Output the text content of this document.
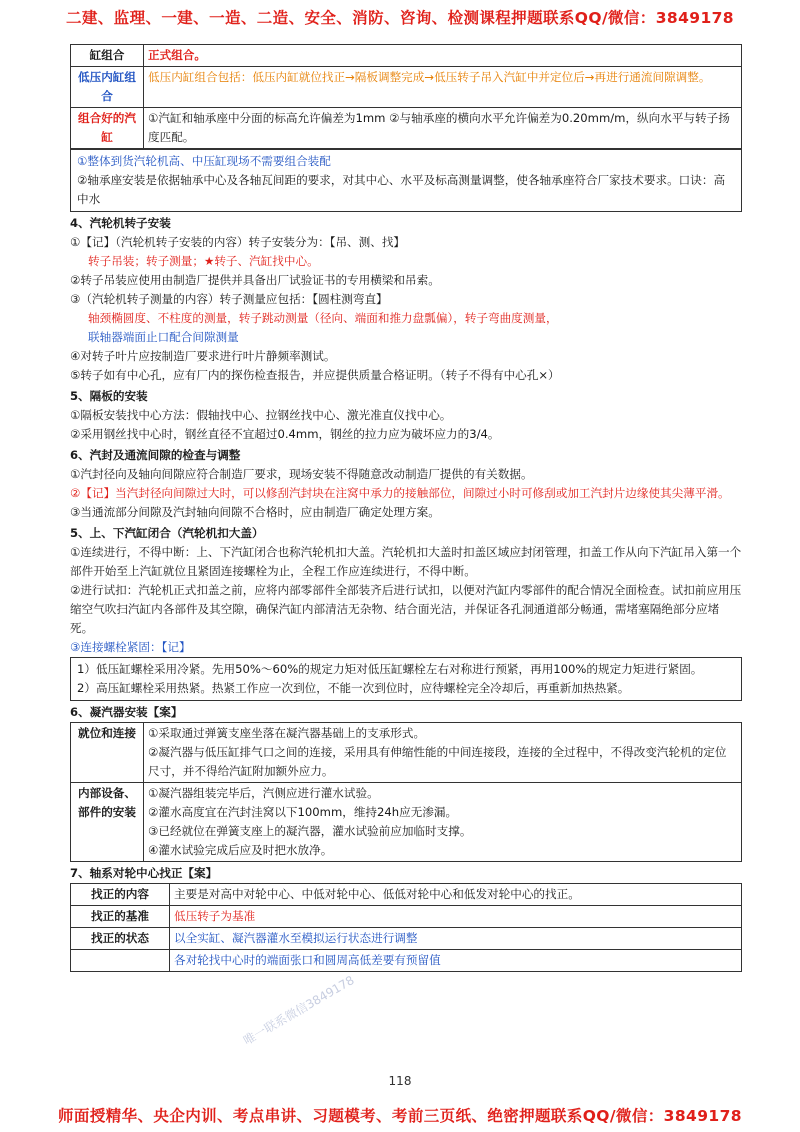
二建、监理、一建、一造、二造、安全、消防、咨询、检测课程押题联系QQ/微信：3849178
缸组合	正式组合。
低压内缸组合	低压内缸组合包括：低压内缸就位找正→隔板调整完成→低压转子吊入汽缸中并定位后→再进行通流间隙调整。
组合好的汽缸	①汽缸和轴承座中分面的标高允许偏差为1mm ②与轴承座的横向水平允许偏差为0.20mm/m，纵向水平与转子扬度匹配。

①整体到货汽轮机高、中压缸现场不需要组合装配

②轴承座安装是依据轴承中心及各轴瓦间距的要求，对其中心、水平及标高测量调整，使各轴承座符合厂家技术要求。口诀：高中水

4、汽轮机转子安装

①【记】（汽轮机转子安装的内容）转子安装分为：【吊、测、找】

转子吊装；转子测量；★转子、汽缸找中心。

②转子吊装应使用由制造厂提供并具备出厂试验证书的专用横梁和吊索。

③（汽轮机转子测量的内容）转子测量应包括：【圆柱测弯直】

轴颈椭圆度、不柱度的测量，转子跳动测量（径向、端面和推力盘瓢偏），转子弯曲度测量，

联轴器端面止口配合间隙测量

④对转子叶片应按制造厂要求进行叶片静频率测试。

⑤转子如有中心孔，应有厂内的探伤检查报告，并应提供质量合格证明。（转子不得有中心孔×）

5、隔板的安装

①隔板安装找中心方法：假轴找中心、拉钢丝找中心、激光准直仪找中心。

②采用钢丝找中心时，钢丝直径不宜超过0.4mm，钢丝的拉力应为破坏应力的3/4。

6、汽封及通流间隙的检查与调整

①汽封径向及轴向间隙应符合制造厂要求，现场安装不得随意改动制造厂提供的有关数据。

②【记】当汽封径向间隙过大时，可以修刮汽封块在注窝中承力的接触部位，间隙过小时可修刮或加工汽封片边缘使其尖薄平滑。

③当通流部分间隙及汽封轴向间隙不合格时，应由制造厂确定处理方案。

5、上、下汽缸闭合（汽轮机扣大盖）

①连续进行，不得中断：上、下汽缸闭合也称汽轮机扣大盖。汽轮机扣大盖时扣盖区域应封闭管理，扣盖工作从向下汽缸吊入第一个部件开始至上汽缸就位且紧固连接螺栓为止，全程工作应连续进行，不得中断。

②进行试扣：汽轮机正式扣盖之前，应将内部零部件全部装齐后进行试扣，以便对汽缸内零部件的配合情况全面检查。试扣前应用压缩空气吹扫汽缸内各部件及其空隙，确保汽缸内部清洁无杂物、结合面光洁，并保证各孔洞通道部分畅通，需堵塞隔绝部分应堵死。

③连接螺栓紧固：【记】

1）低压缸螺栓采用冷紧。先用50%～60%的规定力矩对低压缸螺栓左右对称进行预紧，再用100%的规定力矩进行紧固。

2）高压缸螺栓采用热紧。热紧工作应一次到位，不能一次到位时，应待螺栓完全冷却后，再重新加热热紧。

6、凝汽器安装【案】

就位和连接	①采取通过弹簧支座坐落在凝汽器基础上的支承形式。

②凝汽器与低压缸排气口之间的连接，采用具有伸缩性能的中间连接段，连接的全过程中，不得改变汽轮机的定位尺寸，并不得给汽缸附加额外应力。

内部设备、部件的安装	①凝汽器组装完毕后，汽侧应进行灌水试验。

②灌水高度宜在汽封洼窝以下100mm，维持24h应无渗漏。

③已经就位在弹簧支座上的凝汽器，灌水试验前应加临时支撑。

④灌水试验完成后应及时把水放净。

7、轴系对轮中心找正【案】

找正的内容	主要是对高中对轮中心、中低对轮中心、低低对轮中心和低发对轮中心的找正。
找正的基准	低压转子为基准
找正的状态	以全实缸、凝汽器灌水至模拟运行状态进行调整
	各对轮找中心时的端面张口和圆周高低差要有预留值
唯一联系微信3849178
118
师面授精华、央企内训、考点串讲、习题模考、考前三页纸、绝密押题联系QQ/微信：3849178
